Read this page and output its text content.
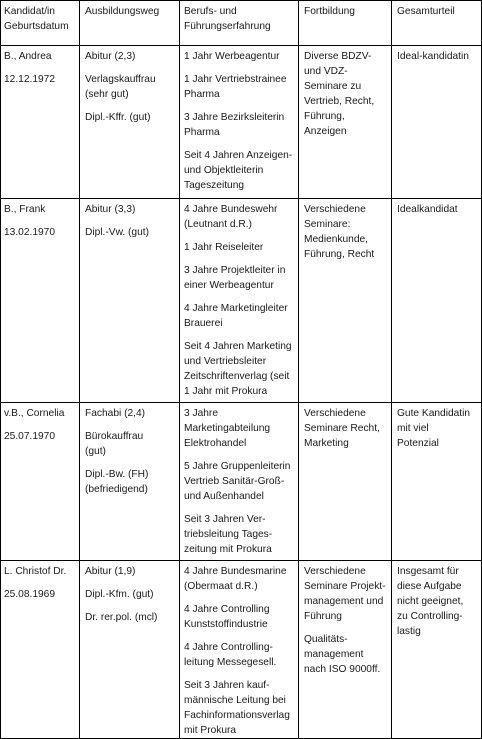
Kandidat/in
Geburtsdatum

Ausbildungsweg	Berufs- und
Führungserfahrung

Fortbildung	Gesamturteil

B., Andrea

12.12.1972

Abitur (2,3)

Verlagskauffrau
(sehr gut)

Dipl.-Kffr. (gut)

1 Jahr Werbeagentur

1 Jahr Vertriebstrainee
Pharma

3 Jahre Bezirksleiterin
Pharma

Seit 4 Jahren Anzeigen-
und Objektleiterin
Tageszeitung

Diverse BDZV-
und VDZ-
Seminare zu
Vertrieb, Recht,
Führung,
Anzeigen

Ideal-kandidatin

B., Frank

13.02.1970

Abitur (3,3)

Dipl.-Vw. (gut)

4 Jahre Bundeswehr
(Leutnant d.R.)

1 Jahr Reiseleiter

3 Jahre Projektleiter in
einer Werbeagentur

4 Jahre Marketingleiter
Brauerei

Seit 4 Jahren Marketing
und Vertriebsleiter
Zeitschriftenverlag (seit
1 Jahr mit Prokura

Verschiedene
Seminare:
Medienkunde,
Führung, Recht

Idealkandidat

v.B., Cornelia

25.07.1970

Fachabi (2,4)

Bürokauffrau
(gut)

Dipl.-Bw. (FH)
(befriedigend)

3 Jahre
Marketingabteilung
Elektrohandel

5 Jahre Gruppenleiterin
Vertrieb Sanitär-Groß-
und Außenhandel

Seit 3 Jahren Ver-
triebsleitung Tages-
zeitung mit Prokura

Verschiedene
Seminare Recht,
Marketing

Gute Kandidatin
mit viel
Potenzial

L. Christof Dr.

25.08.1969

Abitur (1,9)

Dipl.-Kfm. (gut)

Dr. rer.pol. (mcl)

4 Jahre Bundesmarine
(Obermaat d.R.)

4 Jahre Controlling
Kunststoffindustrie

4 Jahre Controlling-
leitung Messegesell.

Seit 3 Jahren kauf-
männische Leitung bei
Fachinformationsverlag
mit Prokura

Verschiedene
Seminare Projekt-
management und
Führung

Qualitäts-
management
nach ISO 9000ff.

Insgesamt für
diese Aufgabe
nicht geeignet,
zu Controlling-
lastig
